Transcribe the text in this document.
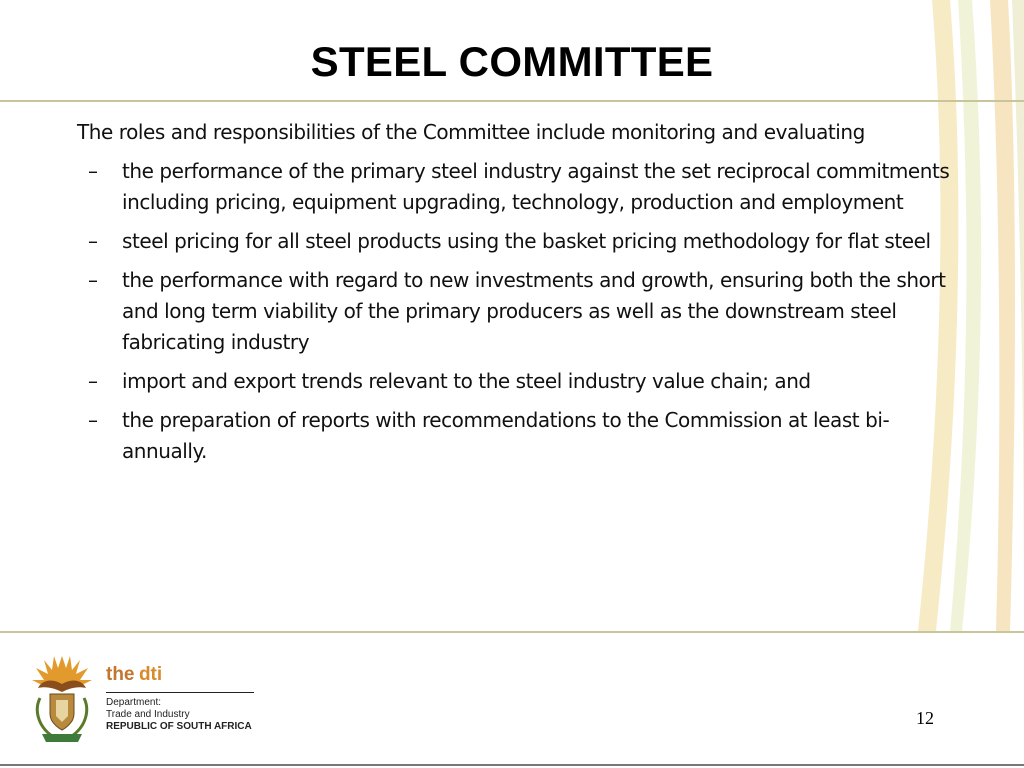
STEEL COMMITTEE

The roles and responsibilities of the Committee include monitoring and evaluating

– the performance of the primary steel industry against the set reciprocal commitments including pricing, equipment upgrading, technology, production and employment
– steel pricing for all steel products using the basket pricing methodology for flat steel
– the performance with regard to new investments and growth, ensuring both the short and long term viability of the primary producers as well as the downstream steel fabricating industry
– import and export trends relevant to the steel industry value chain; and
– the preparation of reports with recommendations to the Commission at least bi-annually.
the dti
Department:
Trade and Industry
REPUBLIC OF SOUTH AFRICA	12
